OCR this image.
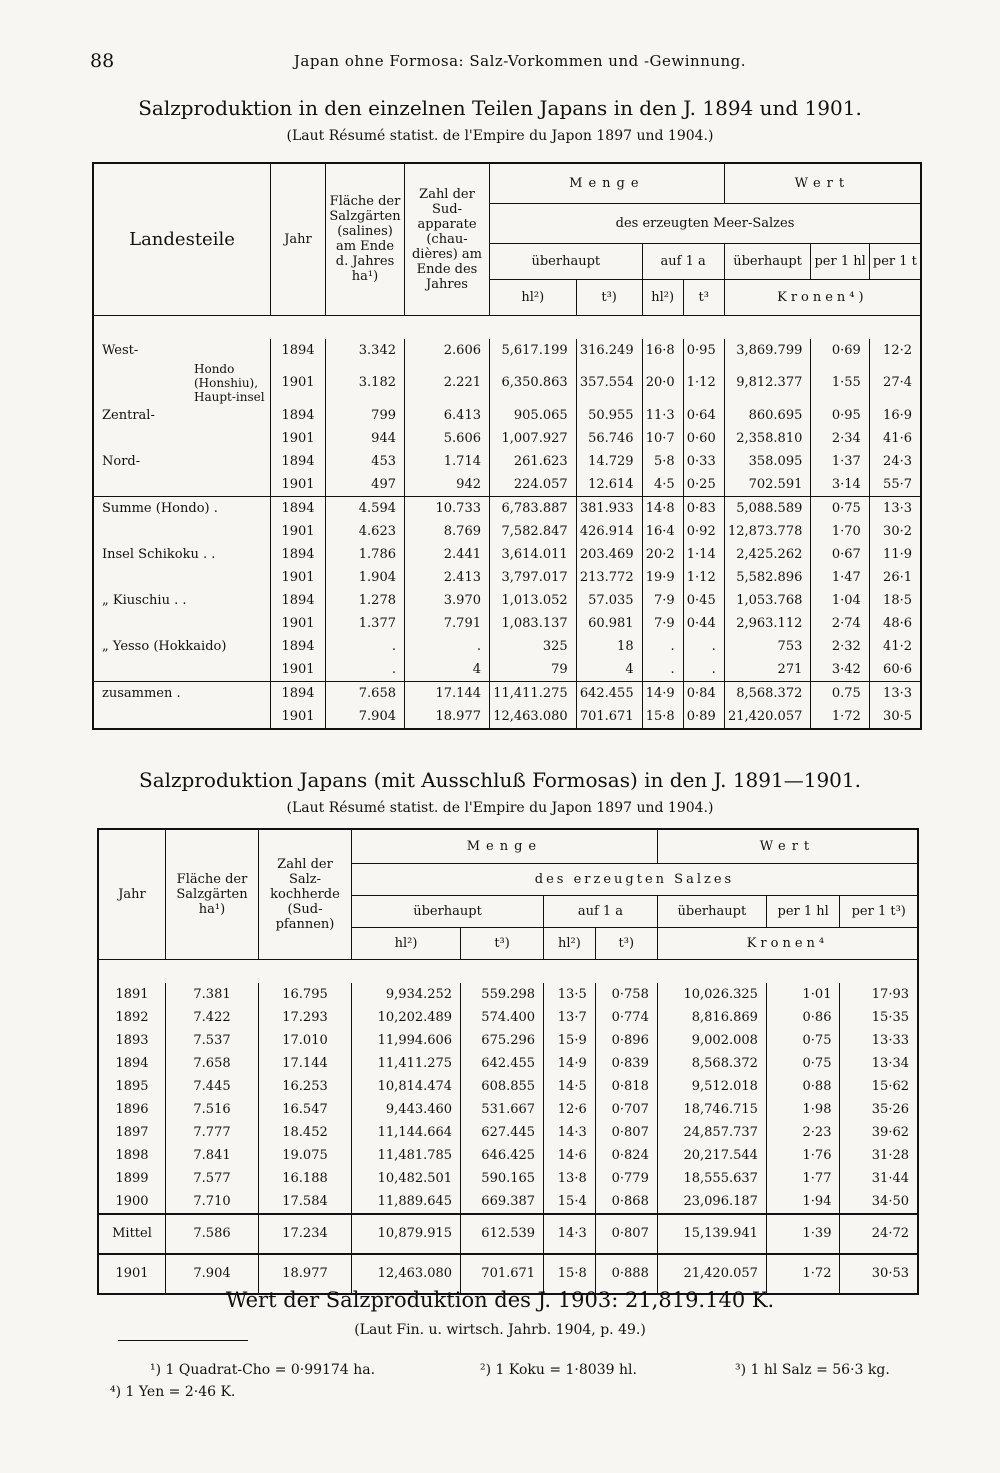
88	Japan ohne Formosa: Salz-Vorkommen und -Gewinnung.
Salzproduktion in den einzelnen Teilen Japans in den J. 1894 und 1901.
(Laut Résumé statist. de l'Empire du Japon 1897 und 1904.)
Landesteile	Jahr	Fläche der Salzgärten (salines) am Ende d. Jahres ha¹)	Zahl der Sudapparate (chaudières) am Ende des Jahres	Menge				Wert		
				des erzeugten Meer-Salzes						
				überhaupt		auf 1 a		überhaupt	per 1 hl	per 1 t
				hl²)	t³)	hl²)	t³	Kronen⁴)		

West-	1894	3.342	2.606	5,617.199	316.249	16·8	0·95	3,869.799	0·69	12·2
Hondo (Honshiu), Haupt-insel	1901	3.182	2.221	6,350.863	357.554	20·0	1·12	9,812.377	1·55	27·4
Zentral-	1894	799	6.413	905.065	50.955	11·3	0·64	860.695	0·95	16·9
	1901	944	5.606	1,007.927	56.746	10·7	0·60	2,358.810	2·34	41·6
Nord-	1894	453	1.714	261.623	14.729	5·8	0·33	358.095	1·37	24·3
	1901	497	942	224.057	12.614	4·5	0·25	702.591	3·14	55·7
Summe (Hondo) .	1894	4.594	10.733	6,783.887	381.933	14·8	0·83	5,088.589	0·75	13·3
	1901	4.623	8.769	7,582.847	426.914	16·4	0·92	12,873.778	1·70	30·2
Insel Schikoku . .	1894	1.786	2.441	3,614.011	203.469	20·2	1·14	2,425.262	0·67	11·9
	1901	1.904	2.413	3,797.017	213.772	19·9	1·12	5,582.896	1·47	26·1
„ Kiuschiu . .	1894	1.278	3.970	1,013.052	57.035	7·9	0·45	1,053.768	1·04	18·5
	1901	1.377	7.791	1,083.137	60.981	7·9	0·44	2,963.112	2·74	48·6
„ Yesso (Hokkaido)	1894	.	.	325	18	.	.	753	2·32	41·2
	1901	.	4	79	4	.	.	271	3·42	60·6
zusammen .	1894	7.658	17.144	11,411.275	642.455	14·9	0·84	8,568.372	0.75	13·3
	1901	7.904	18.977	12,463.080	701.671	15·8	0·89	21,420.057	1·72	30·5
Salzproduktion Japans (mit Ausschluß Formosas) in den J. 1891—1901.
(Laut Résumé statist. de l'Empire du Japon 1897 und 1904.)
Jahr	Fläche der Salzgärten ha¹)	Zahl der Salzkochherde (Sudpfannen)	Menge				Wert		
			des erzeugten Salzes						
			überhaupt		auf 1 a		überhaupt	per 1 hl	per 1 t³)
			hl²)	t³)	hl²)	t³)	Kronen⁴		

1891	7.381	16.795	9,934.252	559.298	13·5	0·758	10,026.325	1·01	17·93
1892	7.422	17.293	10,202.489	574.400	13·7	0·774	8,816.869	0·86	15·35
1893	7.537	17.010	11,994.606	675.296	15·9	0·896	9,002.008	0·75	13·33
1894	7.658	17.144	11,411.275	642.455	14·9	0·839	8,568.372	0·75	13·34
1895	7.445	16.253	10,814.474	608.855	14·5	0·818	9,512.018	0·88	15·62
1896	7.516	16.547	9,443.460	531.667	12·6	0·707	18,746.715	1·98	35·26
1897	7.777	18.452	11,144.664	627.445	14·3	0·807	24,857.737	2·23	39·62
1898	7.841	19.075	11,481.785	646.425	14·6	0·824	20,217.544	1·76	31·28
1899	7.577	16.188	10,482.501	590.165	13·8	0·779	18,555.637	1·77	31·44
1900	7.710	17.584	11,889.645	669.387	15·4	0·868	23,096.187	1·94	34·50
Mittel	7.586	17.234	10,879.915	612.539	14·3	0·807	15,139.941	1·39	24·72
1901	7.904	18.977	12,463.080	701.671	15·8	0·888	21,420.057	1·72	30·53
Wert der Salzproduktion des J. 1903: 21,819.140 K.
(Laut Fin. u. wirtsch. Jahrb. 1904, p. 49.)
¹) 1 Quadrat-Cho = 0·99174 ha.	²) 1 Koku = 1·8039 hl.	³) 1 hl Salz = 56·3 kg.
⁴) 1 Yen = 2·46 K.
